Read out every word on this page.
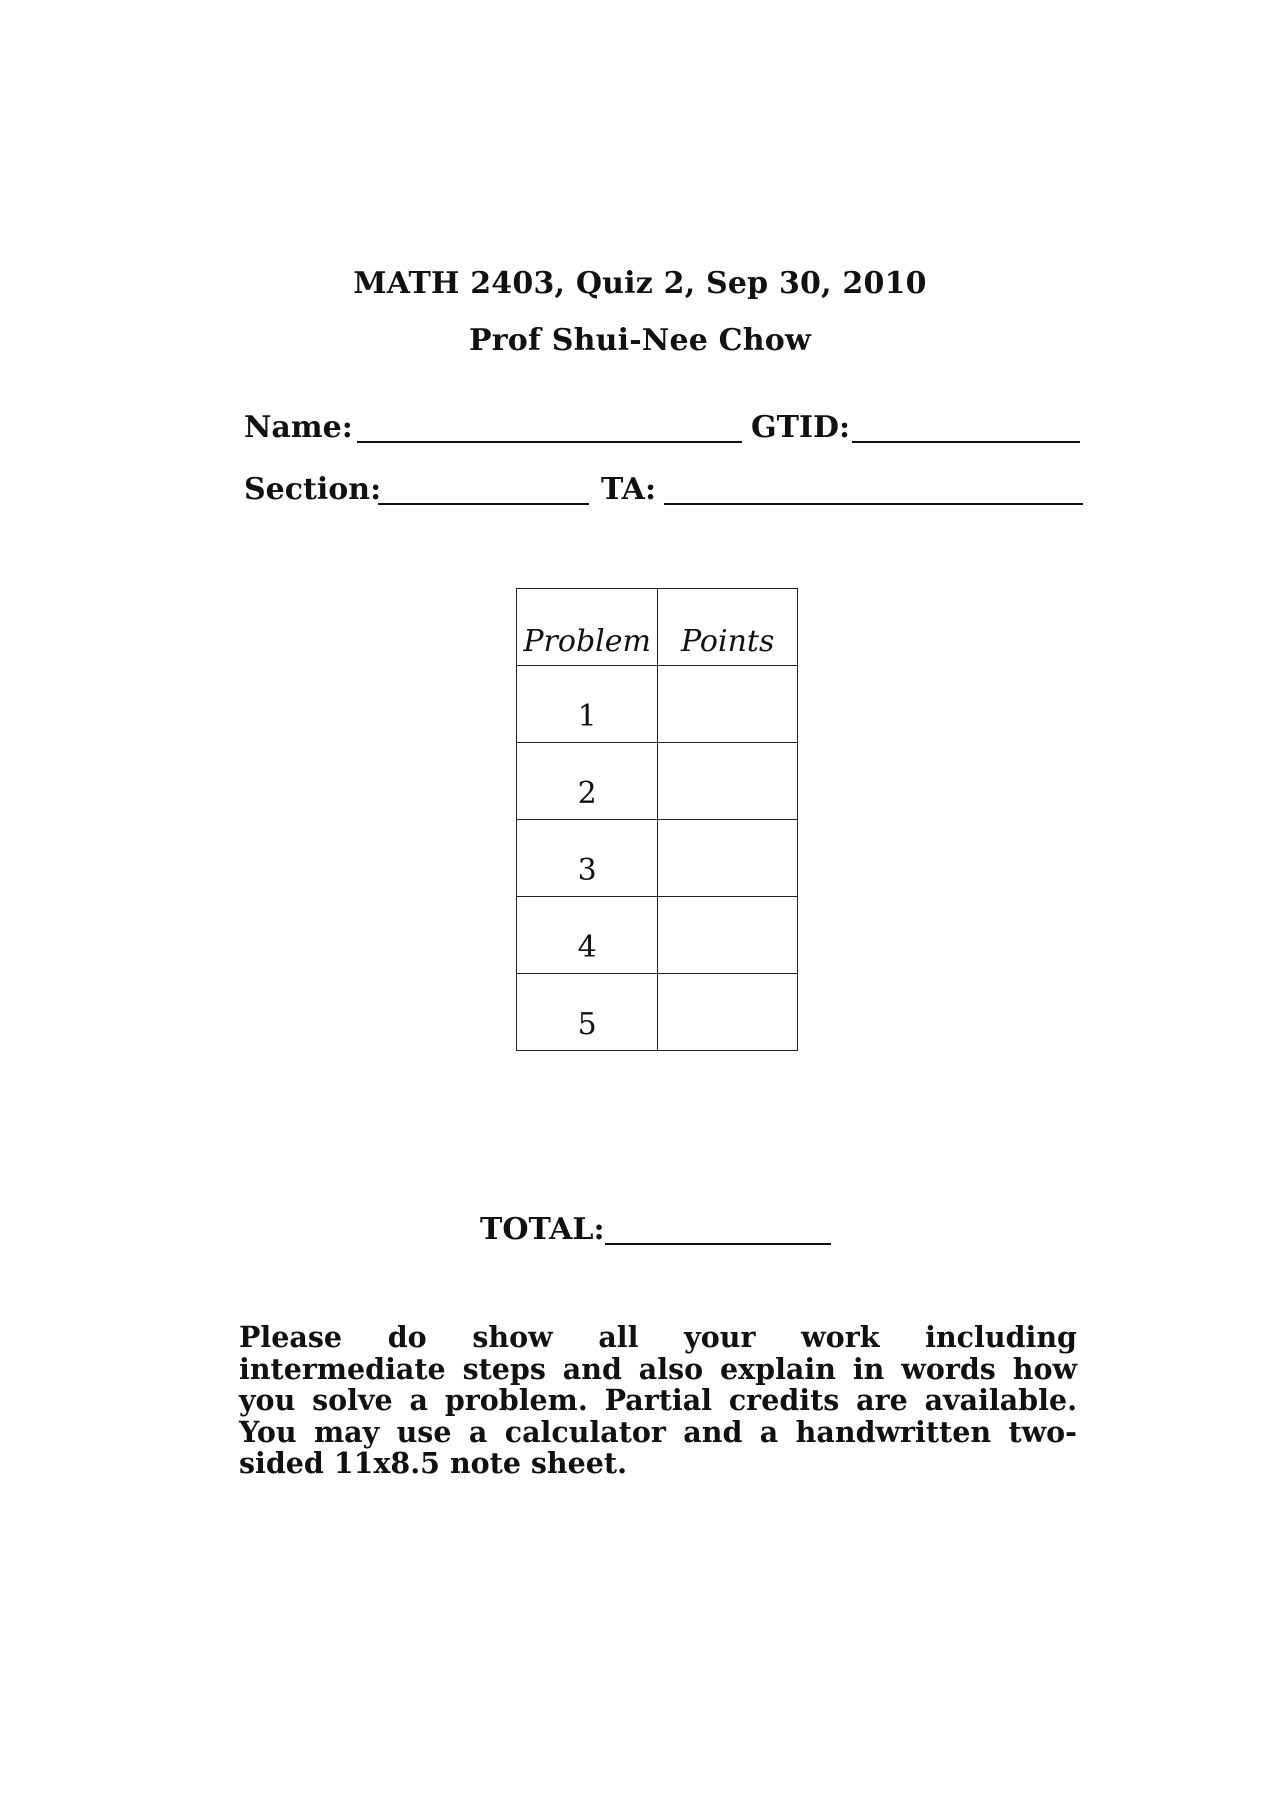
MATH 2403, Quiz 2, Sep 30, 2010
Prof Shui-Nee Chow
Name:	GTID:
Section:	TA:
Problem	Points

1	

2	

3	

4	

5	

TOTAL:
Please do show all your work including intermediate steps and also explain in words how you solve a problem. Partial credits are available. You may use a calculator and a handwritten two-sided 11x8.5 note sheet.
